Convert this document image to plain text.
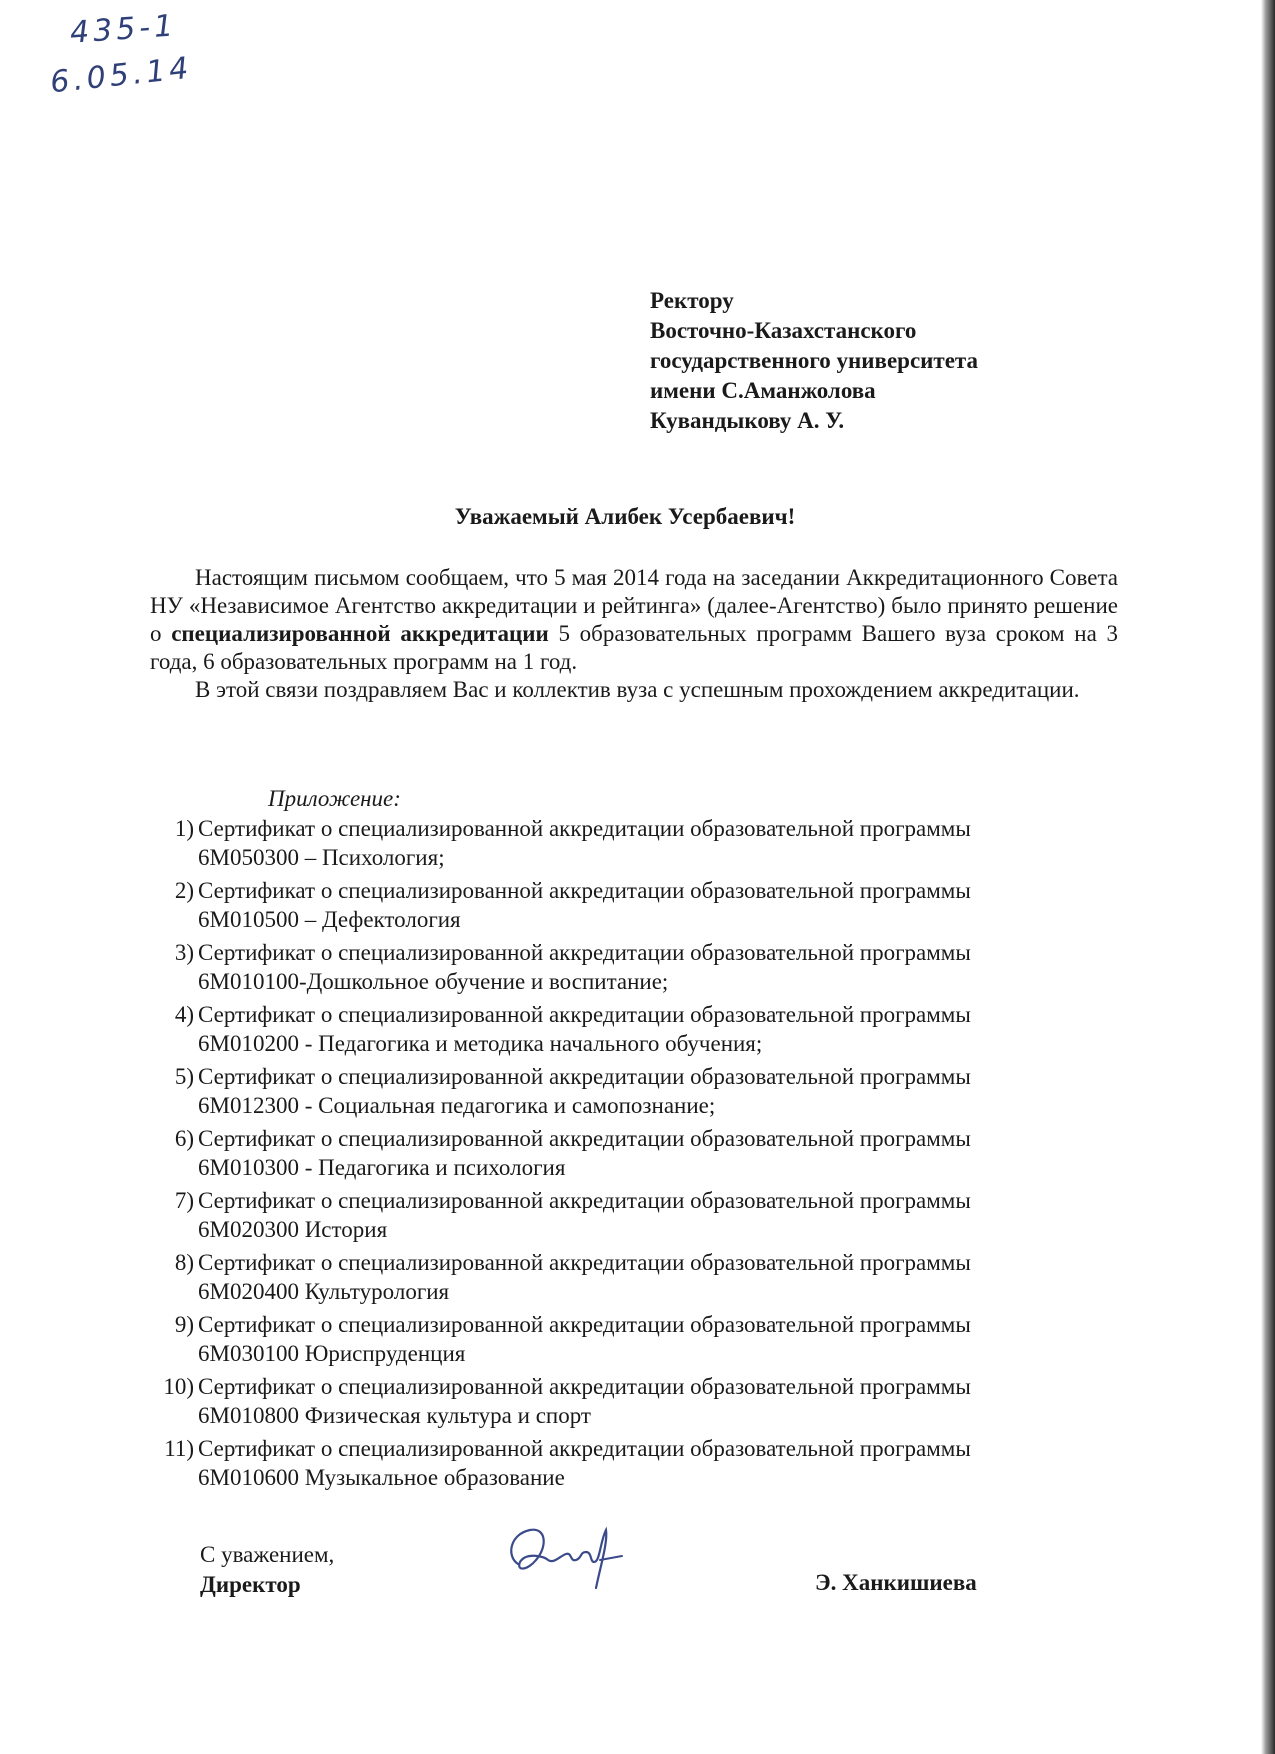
435-1
6.05.14
Ректору
Восточно-Казахстанского
государственного университета
имени С.Аманжолова
Кувандыкову А. У.
Уважаемый Алибек Усербаевич!

Настоящим письмом сообщаем, что 5 мая 2014 года на заседании Аккредитационного Совета НУ «Независимое Агентство аккредитации и рейтинга» (далее-Агентство) было принято решение о специализированной аккредитации 5 образовательных программ Вашего вуза сроком на 3 года, 6 образовательных программ на 1 год.

В этой связи поздравляем Вас и коллектив вуза с успешным прохождением аккредитации.

Приложение:
1) Сертификат о специализированной аккредитации образовательной программы
6М050300 – Психология;
2) Сертификат о специализированной аккредитации образовательной программы
6М010500 – Дефектология
3) Сертификат о специализированной аккредитации образовательной программы
6М010100-Дошкольное обучение и воспитание;
4) Сертификат о специализированной аккредитации образовательной программы
6М010200 - Педагогика и методика начального обучения;
5) Сертификат о специализированной аккредитации образовательной программы
6М012300 - Социальная педагогика и самопознание;
6) Сертификат о специализированной аккредитации образовательной программы
6М010300 - Педагогика и психология
7) Сертификат о специализированной аккредитации образовательной программы
6М020300 История
8) Сертификат о специализированной аккредитации образовательной программы
6М020400 Культурология
9) Сертификат о специализированной аккредитации образовательной программы
6М030100 Юриспруденция
10) Сертификат о специализированной аккредитации образовательной программы
6М010800 Физическая культура и спорт
11) Сертификат о специализированной аккредитации образовательной программы
6М010600 Музыкальное образование
С уважением,
Директор	Э. Ханкишиева
